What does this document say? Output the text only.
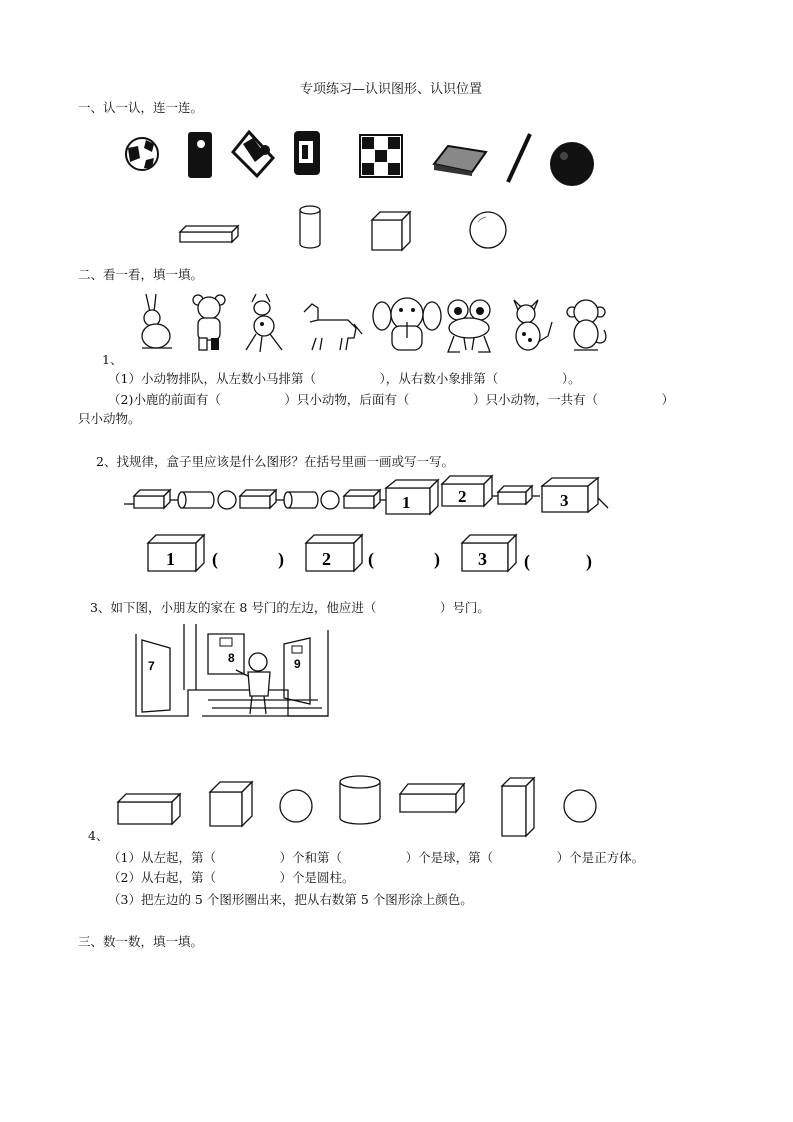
专项练习—认识图形、认识位置
一、认一认，连一连。
二、看一看，填一填。
1、
（1）小动物排队，从左数小马排第（                ），从右数小象排第（                ）。
（2)小鹿的前面有（                ）只小动物，后面有（                ）只小动物，一共有（                ）
只小动物。
2、找规律，盒子里应该是什么图形？在括号里画一画或写一写。
1	2	3
1 (	) 2 (	) 3 (	)
3、如下图，小朋友的家在 8 号门的左边，他应进（                ）号门。
7
8	9
4、
（1）从左起，第（                ）个和第（                ）个是球，第（                ）个是正方体。
（2）从右起，第（                ）个是圆柱。
（3）把左边的 5 个图形圈出来，把从右数第 5 个图形涂上颜色。
三、数一数，填一填。
